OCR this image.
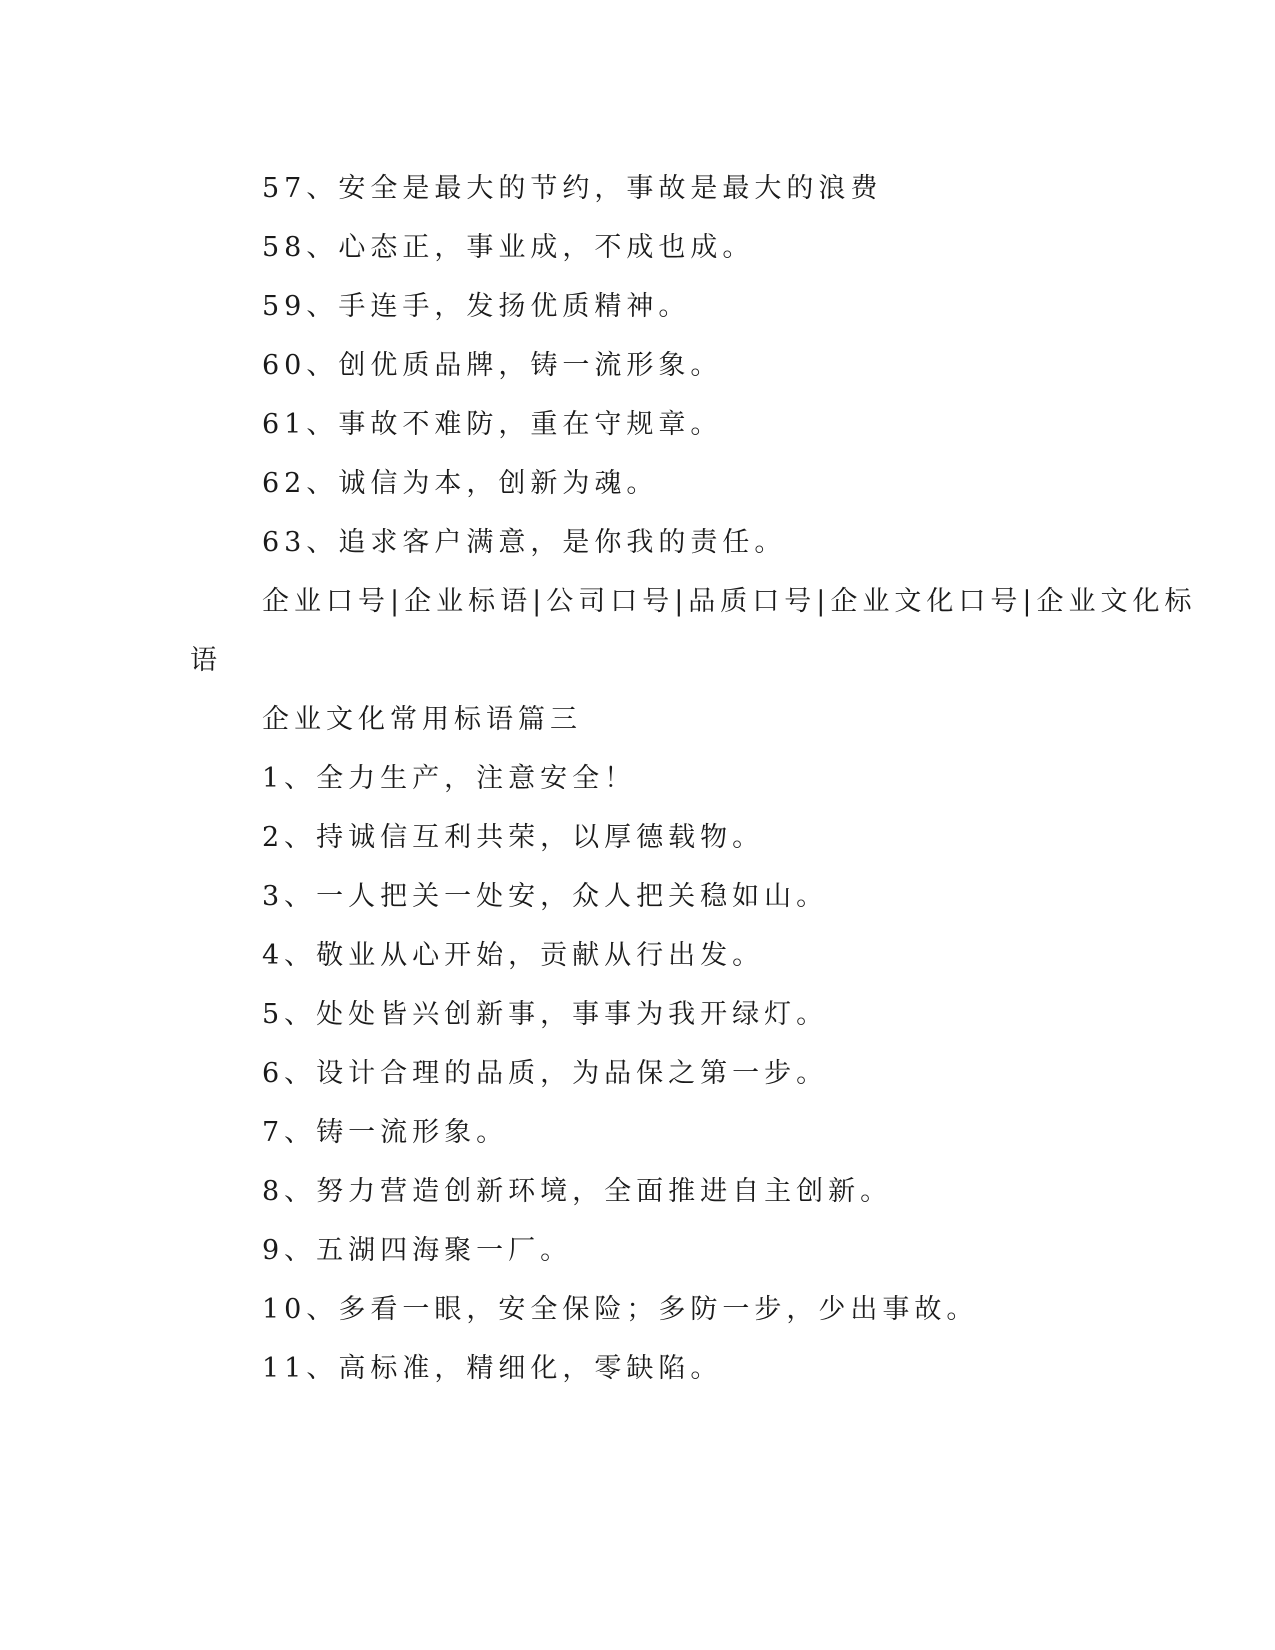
57、安全是最大的节约，事故是最大的浪费
58、心态正，事业成，不成也成。
59、手连手，发扬优质精神。
60、创优质品牌，铸一流形象。
61、事故不难防，重在守规章。
62、诚信为本，创新为魂。
63、追求客户满意，是你我的责任。
企业口号|企业标语|公司口号|品质口号|企业文化口号|企业文化标
语
企业文化常用标语篇三
1、全力生产，注意安全！
2、持诚信互利共荣，以厚德载物。
3、一人把关一处安，众人把关稳如山。
4、敬业从心开始，贡献从行出发。
5、处处皆兴创新事，事事为我开绿灯。
6、设计合理的品质，为品保之第一步。
7、铸一流形象。
8、努力营造创新环境，全面推进自主创新。
9、五湖四海聚一厂。
10、多看一眼，安全保险；多防一步，少出事故。
11、高标准，精细化，零缺陷。
